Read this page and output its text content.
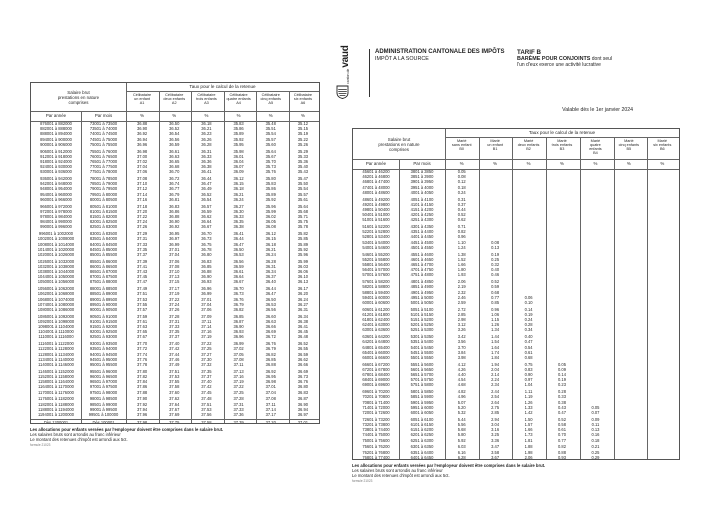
canton de
vaud	ADMINISTRATION CANTONALE DES IMPÔTS
IMPÔT A LA SOURCE
TARIF B
BARÈME POUR CONJOINTS dont seul
l'un d'eux exerce une activité lucrative
Valable dès le 1er janvier 2024
Salaire brut
prestations en nature
comprises
Taux pour le calcul de la retenue
Célibataire
un enfant
A1
Célibataire
deux enfants
A2
Célibataire
trois enfants
A3
Célibataire
quatre enfants
A4
Célibataire
cinq enfants
A5
Célibataire
six enfants
A6
Par année	Par mois	%	%	%	%	%	%
876001 à 882000	73001 à 73500	36.88	36.50	36.18	35.83	35.48	35.12
882001 à 888000	73501 à 74000	36.90	36.52	36.21	35.86	35.51	35.15
888001 à 894000	74001 à 74500	36.92	36.54	36.23	35.89	35.54	35.19
894001 à 900000	74501 à 75000	36.94	36.56	36.26	35.92	35.57	35.22
900001 à 906000	75001 à 75500	36.96	36.59	36.28	35.95	35.60	35.26
906001 à 912000	75501 à 76000	36.98	36.61	36.31	35.98	35.64	35.29
912001 à 918000	76001 à 76500	37.00	36.63	36.33	36.01	35.67	35.33
918001 à 924000	76501 à 77000	37.02	36.65	36.36	36.04	35.70	35.36
924001 à 930000	77001 à 77500	37.04	36.68	36.38	36.07	35.73	35.40
930001 à 936000	77501 à 78000	37.06	36.70	36.41	36.09	35.76	35.43
936001 à 942000	78001 à 78500	37.08	36.72	36.44	36.12	35.80	35.47
942001 à 948000	78501 à 79000	37.10	36.74	36.47	36.15	35.83	35.50
948001 à 954000	79001 à 79500	37.12	36.77	36.49	36.18	35.86	35.54
954001 à 960000	79501 à 80000	37.14	36.79	36.52	36.21	35.89	35.57
960001 à 966000	80001 à 80500	37.16	36.81	36.54	36.24	35.92	35.61
966001 à 972000	80501 à 81000	37.18	36.83	36.57	36.27	35.96	35.64
972001 à 978000	81001 à 81500	37.20	36.86	36.59	36.30	35.99	35.68
978001 à 984000	81501 à 82000	37.22	36.88	36.62	36.33	36.02	35.71
984001 à 990000	82001 à 82500	37.24	36.90	36.64	36.35	36.05	35.75
990001 à 996000	82501 à 83000	37.26	36.92	36.67	36.38	36.08	35.78
996001 à 1002000	83001 à 83500	37.29	36.95	36.70	36.41	36.12	35.82
1002001 à 1008000	83501 à 84000	37.31	36.97	36.73	36.44	36.15	35.85
1008001 à 1014000	84001 à 84500	37.33	36.99	36.75	36.47	36.18	35.89
1014001 à 1020000	84501 à 85000	37.35	37.01	36.78	36.50	36.21	35.92
1020001 à 1026000	85001 à 85500	37.37	37.04	36.80	36.53	36.24	35.96
1026001 à 1032000	85501 à 86000	37.39	37.06	36.83	36.56	36.28	35.99
1032001 à 1038000	86001 à 86500	37.41	37.08	36.85	36.59	36.31	36.03
1038001 à 1044000	86501 à 87000	37.43	37.10	36.88	36.61	36.34	36.06
1044001 à 1050000	87001 à 87500	37.45	37.13	36.90	36.64	36.37	36.10
1050001 à 1056000	87501 à 88000	37.47	37.15	36.93	36.67	36.40	36.13
1056001 à 1062000	88001 à 88500	37.49	37.17	36.96	36.70	36.44	36.17
1062001 à 1068000	88501 à 89000	37.51	37.19	36.99	36.73	36.47	36.20
1068001 à 1074000	89001 à 89500	37.53	37.22	37.01	36.76	36.50	36.24
1074001 à 1080000	89501 à 90000	37.55	37.24	37.04	36.79	36.53	36.27
1080001 à 1086000	90001 à 90500	37.57	37.26	37.06	36.82	36.56	36.31
1086001 à 1092000	90501 à 91000	37.59	37.28	37.09	36.85	36.60	36.34
1092001 à 1098000	91001 à 91500	37.61	37.31	37.11	36.87	36.63	36.38
1098001 à 1104000	91501 à 92000	37.63	37.33	37.14	36.90	36.66	36.41
1104001 à 1110000	92001 à 92500	37.65	37.35	37.16	36.93	36.69	36.45
1110001 à 1116000	92501 à 93000	37.67	37.37	37.19	36.96	36.72	36.48
1116001 à 1122000	93001 à 93500	37.70	37.40	37.22	36.99	36.76	36.52
1122001 à 1128000	93501 à 94000	37.72	37.42	37.25	37.02	36.79	36.55
1128001 à 1134000	94001 à 94500	37.74	37.44	37.27	37.05	36.82	36.59
1134001 à 1140000	94501 à 95000	37.76	37.46	37.30	37.08	36.85	36.62
1140001 à 1146000	95001 à 95500	37.78	37.49	37.32	37.11	36.88	36.66
1146001 à 1152000	95501 à 96000	37.80	37.51	37.35	37.13	36.92	36.69
1152001 à 1158000	96001 à 96500	37.82	37.53	37.37	37.16	36.95	36.73
1158001 à 1164000	96501 à 97000	37.84	37.55	37.40	37.19	36.98	36.76
1164001 à 1170000	97001 à 97500	37.86	37.58	37.42	37.22	37.01	36.80
1170001 à 1176000	97501 à 98000	37.88	37.60	37.45	37.25	37.04	36.83
1176001 à 1182000	98001 à 98500	37.90	37.62	37.48	37.28	37.08	36.87
1182001 à 1188000	98501 à 99000	37.92	37.64	37.51	37.31	37.11	36.90
1188001 à 1194000	99001 à 99500	37.94	37.67	37.53	37.33	37.14	36.94
1194001 à 1200000	99501 à 100000	37.96	37.69	37.56	37.36	37.17	36.97
Dès 1200001	Dès 100001	37.98	37.75	37.58	37.39	37.20	37.01
Les allocations pour enfants versées par l'employeur doivent être comprises dans le salaire brut.
Les salaires bruts sont arrondis au franc inférieur
Le montant des retenues d'impôt est arrondi aux 5ct.
formule 21023
Salaire brut
prestations en nature
comprises
Taux pour le calcul de la retenue
Marié
sans enfant
B0
Marié
un enfant
B1
Marié
deux enfants
B2
Marié
trois enfants
B3
Marié
quatre
enfants
B4
Marié
cinq enfants
B5
Marié
six enfants
B6
Par année	Par mois	%	%	%	%	%	%	%
45601 à 46200	3801 à 3850	0.05
46201 à 46800	3851 à 3900	0.08
46801 à 47400	3901 à 3950	0.12
47401 à 48000	3951 à 4000	0.18
48001 à 48600	4001 à 4050	0.24
48601 à 49200	4051 à 4100	0.31
49201 à 49800	4101 à 4150	0.37
49801 à 50400	4151 à 4200	0.44
50401 à 51000	4201 à 4250	0.52
51001 à 51600	4251 à 4300	0.62
51601 à 52200	4301 à 4350	0.71
52201 à 52800	4351 à 4400	0.82
52801 à 53400	4401 à 4450	0.96
53401 à 54000	4451 à 4500	1.10	0.08
54001 à 54600	4501 à 4550	1.24	0.13
54601 à 55200	4551 à 4600	1.38	0.19
55201 à 55800	4601 à 4650	1.52	0.25
55801 à 56400	4651 à 4700	1.66	0.32
56401 à 57000	4701 à 4750	1.80	0.40
57001 à 57600	4751 à 4800	1.93	0.46
57601 à 58200	4801 à 4850	2.06	0.52
58201 à 58800	4851 à 4900	2.19	0.59
58801 à 59400	4901 à 4950	2.32	0.68
59401 à 60000	4951 à 5000	2.46	0.77	0.06
60001 à 60600	5001 à 5050	2.59	0.85	0.10
60601 à 61200	5051 à 5100	2.72	0.96	0.14
61201 à 61800	5101 à 5150	2.85	1.06	0.19
61801 à 62400	5151 à 5200	2.98	1.15	0.24
62401 à 63000	5201 à 5250	3.12	1.26	0.28
63001 à 63600	5251 à 5300	3.26	1.34	0.34
63601 à 64200	5301 à 5350	3.42	1.44	0.40
64201 à 64800	5351 à 5400	3.56	1.54	0.47
64801 à 65400	5401 à 5450	3.70	1.64	0.54
65401 à 66000	5451 à 5500	3.84	1.74	0.61
66001 à 66600	5501 à 5550	3.98	1.84	0.68
66601 à 67200	5551 à 5600	4.12	1.94	0.75	0.05
67201 à 67800	5601 à 5650	4.26	2.04	0.83	0.09
67801 à 68400	5651 à 5700	4.40	2.14	0.90	0.14
68401 à 69000	5701 à 5750	4.54	2.24	0.97	0.19
69001 à 69600	5751 à 5800	4.68	2.34	1.04	0.23
69601 à 70200	5801 à 5850	4.82	2.44	1.11	0.28
70201 à 70800	5851 à 5900	4.96	2.54	1.19	0.33
70801 à 71400	5901 à 5950	5.07	2.64	1.26	0.38
71401 à 72000	5951 à 6000	5.20	2.75	1.33	0.43	0.05
72001 à 72600	6001 à 6050	5.32	2.85	1.42	0.47	0.07
72601 à 73200	6051 à 6100	5.44	2.94	1.50	0.52	0.09
73201 à 73800	6101 à 6150	5.56	3.04	1.57	0.58	0.11
73801 à 74400	6151 à 6200	5.68	3.16	1.66	0.61	0.13
74401 à 75000	6201 à 6250	5.80	3.25	1.73	0.70	0.16
75001 à 75600	6251 à 6300	5.92	3.36	1.81	0.77	0.18
75601 à 76200	6301 à 6350	6.03	3.47	1.88	0.82	0.21
76201 à 76800	6351 à 6400	6.16	3.58	1.98	0.88	0.25
76801 à 77400	6401 à 6450	6.28	3.67	2.06	0.93	0.29
Les allocations pour enfants versées par l'employeur doivent être comprises dans le salaire brut.
Les salaires bruts sont arrondis au franc inférieur
Le montant des retenues d'impôt est arrondi aux 5ct.
formule 21023
